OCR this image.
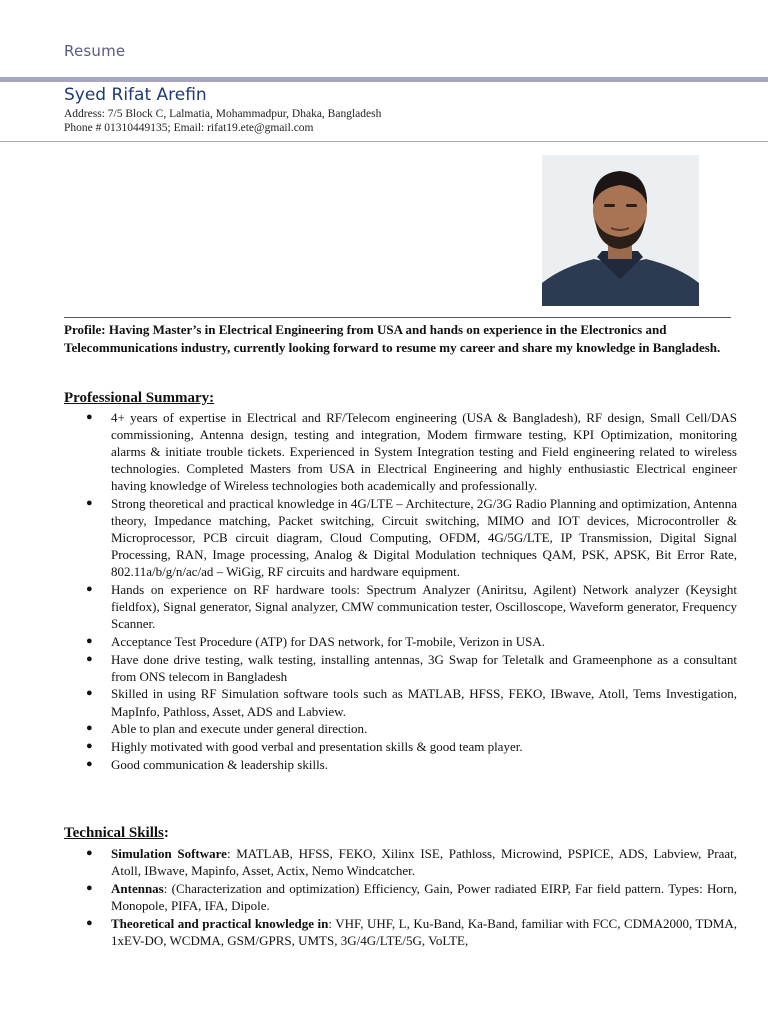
Resume
Syed Rifat Arefin
Address: 7/5 Block C, Lalmatia, Mohammadpur, Dhaka, Bangladesh
Phone # 01310449135; Email: rifat19.ete@gmail.com
Profile: Having Master’s in Electrical Engineering from USA and hands on experience in the Electronics and Telecommunications industry, currently looking forward to resume my career and share my knowledge in Bangladesh.
Professional Summary:
● 4+ years of expertise in Electrical and RF/Telecom engineering (USA & Bangladesh), RF design, Small Cell/DAS commissioning, Antenna design, testing and integration, Modem firmware testing, KPI Optimization, monitoring alarms & initiate trouble tickets. Experienced in System Integration testing and Field engineering related to wireless technologies. Completed Masters from USA in Electrical Engineering and highly enthusiastic Electrical engineer having knowledge of Wireless technologies both academically and professionally.
● Strong theoretical and practical knowledge in 4G/LTE – Architecture, 2G/3G Radio Planning and optimization, Antenna theory, Impedance matching, Packet switching, Circuit switching, MIMO and IOT devices, Microcontroller & Microprocessor, PCB circuit diagram, Cloud Computing, OFDM, 4G/5G/LTE, IP Transmission, Digital Signal Processing, RAN, Image processing, Analog & Digital Modulation techniques QAM, PSK, APSK, Bit Error Rate, 802.11a/b/g/n/ac/ad – WiGig, RF circuits and hardware equipment.
● Hands on experience on RF hardware tools: Spectrum Analyzer (Aniritsu, Agilent) Network analyzer (Keysight fieldfox), Signal generator, Signal analyzer, CMW communication tester, Oscilloscope, Waveform generator, Frequency Scanner.
● Acceptance Test Procedure (ATP) for DAS network, for T-mobile, Verizon in USA.
● Have done drive testing, walk testing, installing antennas, 3G Swap for Teletalk and Grameenphone as a consultant from ONS telecom in Bangladesh
● Skilled in using RF Simulation software tools such as MATLAB, HFSS, FEKO, IBwave, Atoll, Tems Investigation, MapInfo, Pathloss, Asset, ADS and Labview.
● Able to plan and execute under general direction.
● Highly motivated with good verbal and presentation skills & good team player.
● Good communication & leadership skills.
Technical Skills:
● Simulation Software: MATLAB, HFSS, FEKO, Xilinx ISE, Pathloss, Microwind, PSPICE, ADS, Labview, Praat, Atoll, IBwave, Mapinfo, Asset, Actix, Nemo Windcatcher.
● Antennas: (Characterization and optimization) Efficiency, Gain, Power radiated EIRP, Far field pattern. Types: Horn, Monopole, PIFA, IFA, Dipole.
● Theoretical and practical knowledge in: VHF, UHF, L, Ku-Band, Ka-Band, familiar with FCC, CDMA2000, TDMA, 1xEV-DO, WCDMA, GSM/GPRS, UMTS, 3G/4G/LTE/5G, VoLTE,
